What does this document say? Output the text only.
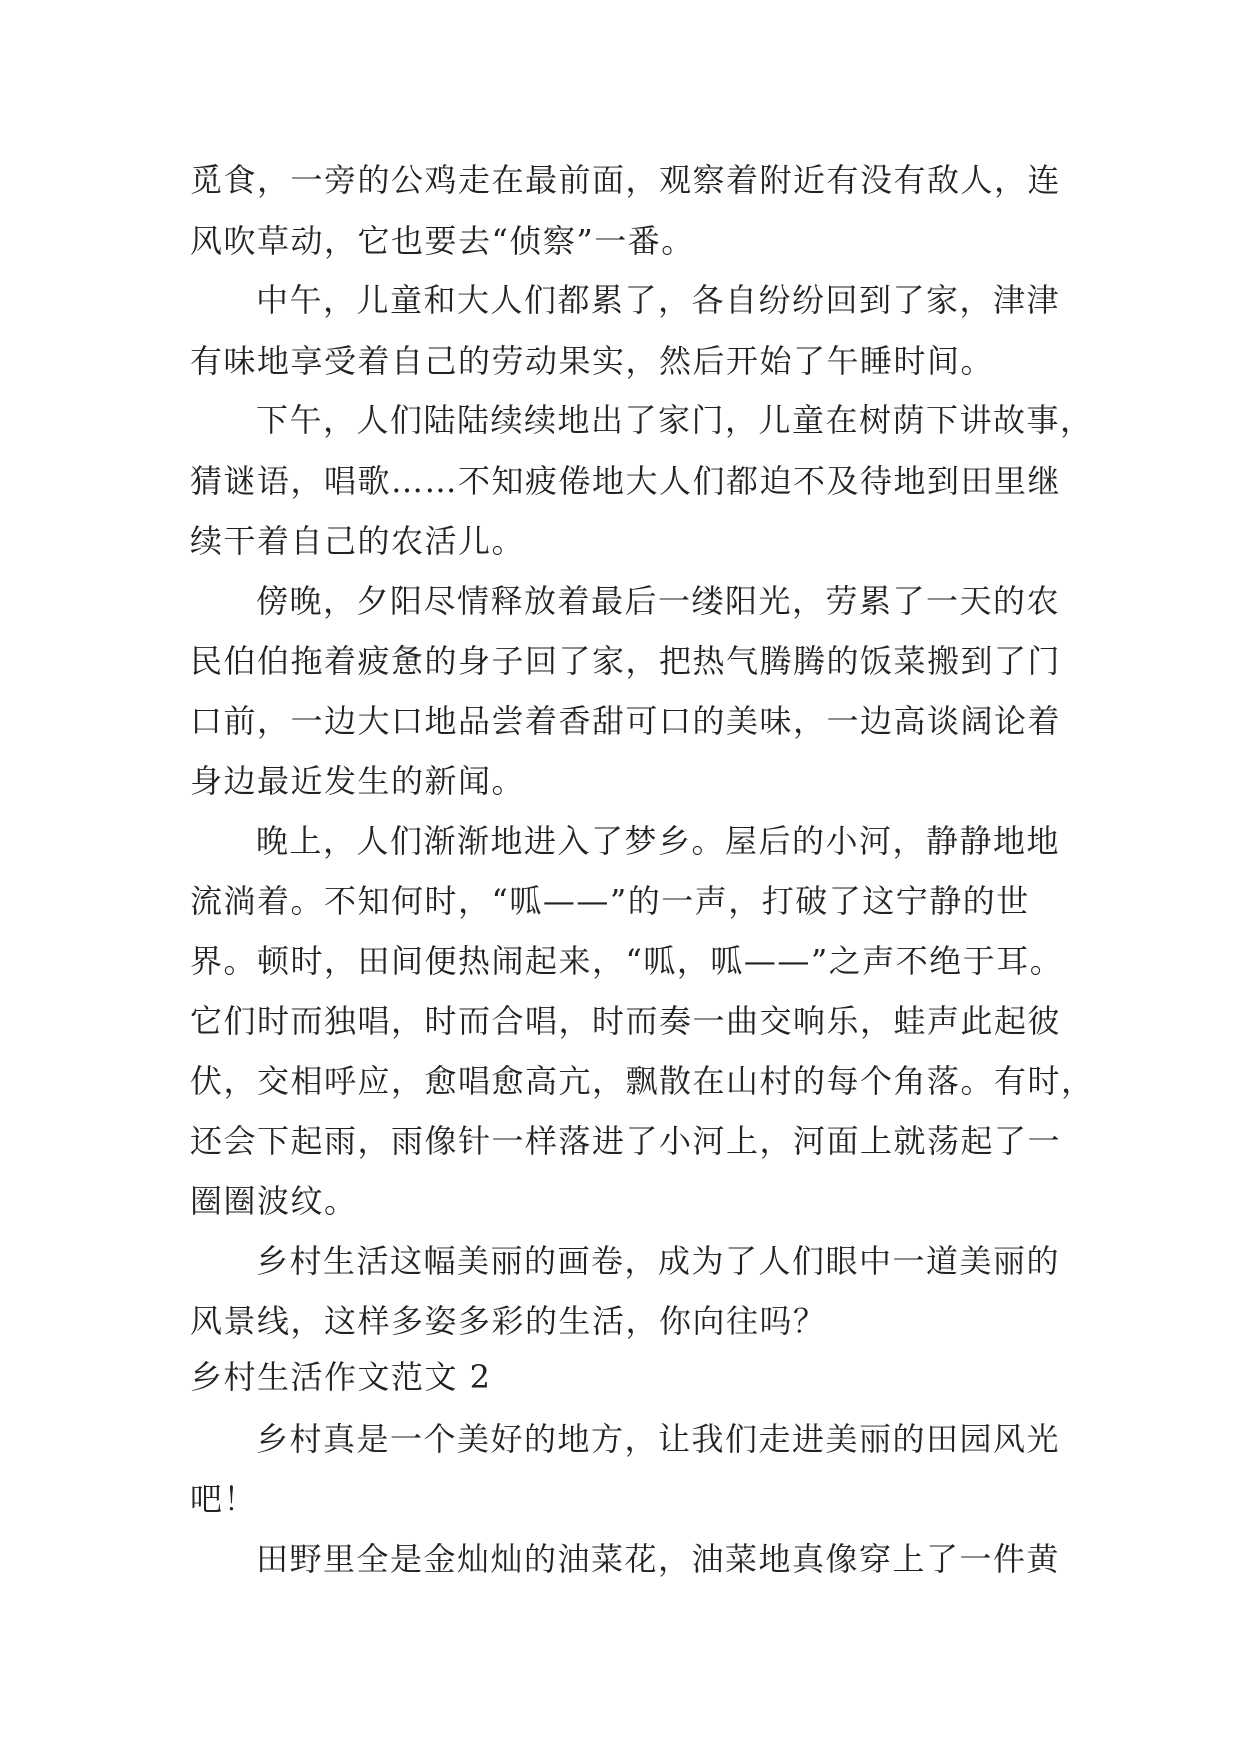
觅食，一旁的公鸡走在最前面，观察着附近有没有敌人，连
风吹草动，它也要去“侦察”一番。
中午，儿童和大人们都累了，各自纷纷回到了家，津津
有味地享受着自己的劳动果实，然后开始了午睡时间。
下午，人们陆陆续续地出了家门，儿童在树荫下讲故事，
猜谜语，唱歌……不知疲倦地大人们都迫不及待地到田里继
续干着自己的农活儿。
傍晚，夕阳尽情释放着最后一缕阳光，劳累了一天的农
民伯伯拖着疲惫的身子回了家，把热气腾腾的饭菜搬到了门
口前，一边大口地品尝着香甜可口的美味，一边高谈阔论着
身边最近发生的新闻。
晚上，人们渐渐地进入了梦乡。屋后的小河，静静地地
流淌着。不知何时，“呱——”的一声，打破了这宁静的世
界。顿时，田间便热闹起来，“呱，呱——”之声不绝于耳。
它们时而独唱，时而合唱，时而奏一曲交响乐，蛙声此起彼
伏，交相呼应，愈唱愈高亢，飘散在山村的每个角落。有时，
还会下起雨，雨像针一样落进了小河上，河面上就荡起了一
圈圈波纹。
乡村生活这幅美丽的画卷，成为了人们眼中一道美丽的
风景线，这样多姿多彩的生活，你向往吗？
乡村生活作文范文 2
乡村真是一个美好的地方，让我们走进美丽的田园风光
吧！
田野里全是金灿灿的油菜花，油菜地真像穿上了一件黄
